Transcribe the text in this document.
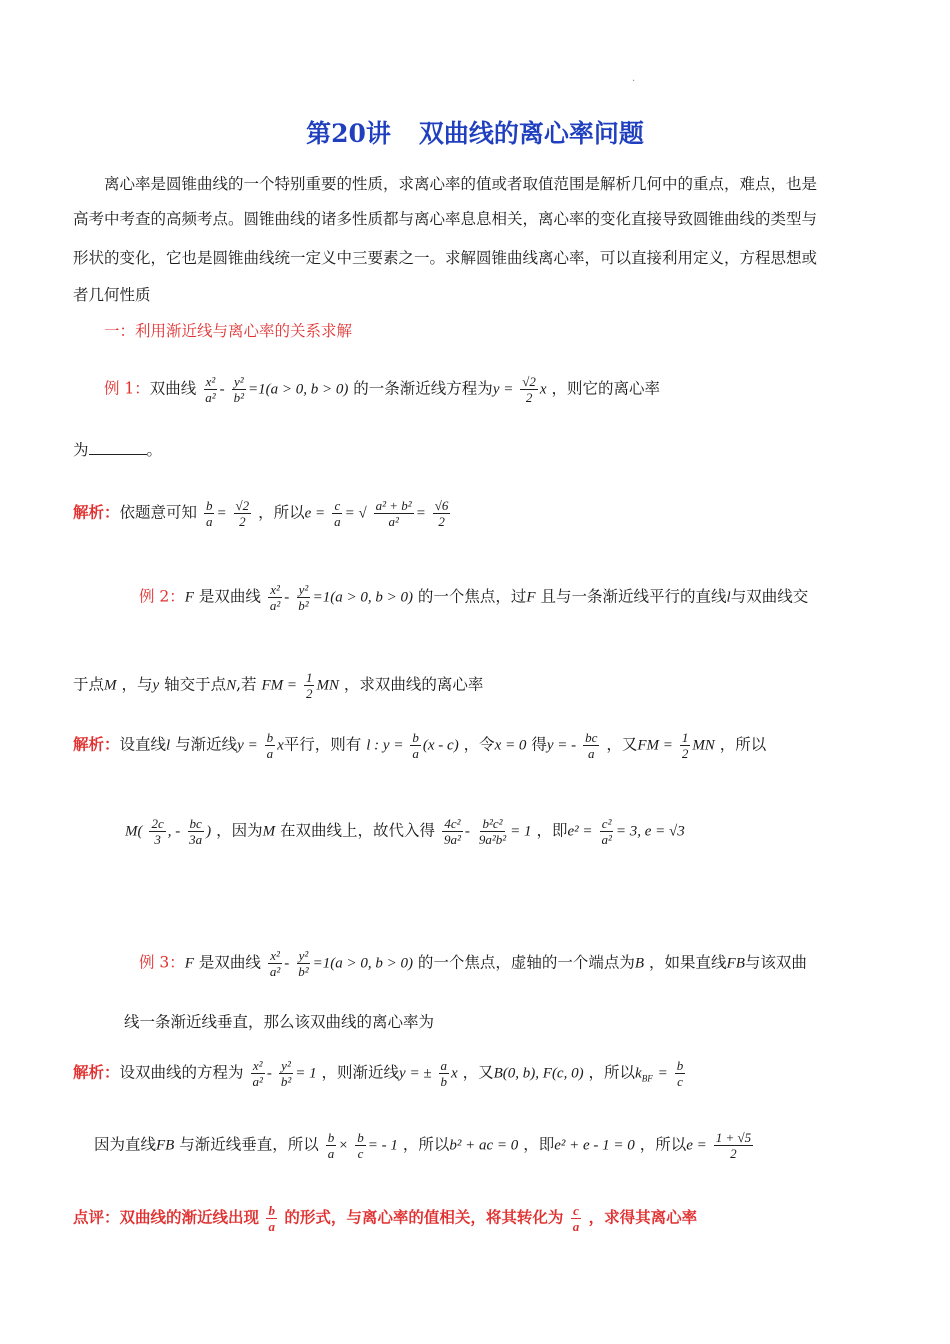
·
第20讲 双曲线的离心率问题
离心率是圆锥曲线的一个特别重要的性质，求离心率的值或者取值范围是解析几何中的重点，难点，也是
高考中考查的高频考点。圆锥曲线的诸多性质都与离心率息息相关，离心率的变化直接导致圆锥曲线的类型与
形状的变化，它也是圆锥曲线统一定义中三要素之一。求解圆锥曲线离心率，可以直接利用定义，方程思想或
者几何性质
一：利用渐近线与离心率的关系求解
例 1：双曲线 $\frac{\text{x²}}{\text{a²}} - \frac{\text{y²}}{\text{b²}} =1(a > 0$, b > 0) 的一条渐近线方程为$y = \frac{√2}{2}$ x ，则它的离心率
为	。
解析：依题意可知 $\frac{b}{a} = \frac{√2}{2}$ ，所以$e = \frac{c}{a}$ = √ $\frac{\text{a² + b²}}{\text{a²}} = \frac{√6}{2}$
例 2：F 是双曲线 $\frac{\text{x²}}{\text{a²}} - \frac{\text{y²}}{\text{b²}} =1(a > 0$, b > 0) 的一个焦点，过F 且与一条渐近线平行的直线l与双曲线交
于点M ，与y 轴交于点N,若 FM = $\frac{1}{2}$ MN ，求双曲线的离心率
解析：设直线l 与渐近线$y = \frac{b}{a}$ x平行，则有 l : $y = \frac{b}{a} (x - c)$ ，令x = 0 得y = - $\frac{bc}{a}$ ，又FM = $\frac{1}{2}$ MN ，所以
$M( \frac{2c}{3}$ , - $\frac{bc}{3a}$ ) ，因为M 在双曲线上，故代入得 $\frac{\text{4c²}}{\text{9a²}} - \frac{\text{b²c²}}{\text{9a²b²}} = 1$ ，即$e^2 = \frac{\text{c²}}{\text{a²}} = 3$, e = √3
例 3：F 是双曲线 $\frac{\text{x²}}{\text{a²}} - \frac{\text{y²}}{\text{b²}} =1(a > 0$, b > 0) 的一个焦点，虚轴的一个端点为B ，如果直线FB与该双曲
线一条渐近线垂直，那么该双曲线的离心率为
解析：设双曲线的方程为 $\frac{\text{x²}}{\text{a²}} - \frac{\text{y²}}{\text{b²}} = 1$ ，则渐近线y = ± $\frac{a}{b}$ x ，又B(0, b), F(c, 0) ，所以$k_{BF} = \frac{b}{c}$
因为直线FB 与渐近线垂直，所以 $\frac{b}{a} \times \frac{b}{c}$ = - 1 ，所以b² + ac = 0 ，即e² + e - 1 = 0 ，所以$e = \frac{1 + √5}{2}$
点评：双曲线的渐近线出现 $\frac{b}{a}$ 的形式，与离心率的值相关，将其转化为 $\frac{c}{a}$ ，求得其离心率
